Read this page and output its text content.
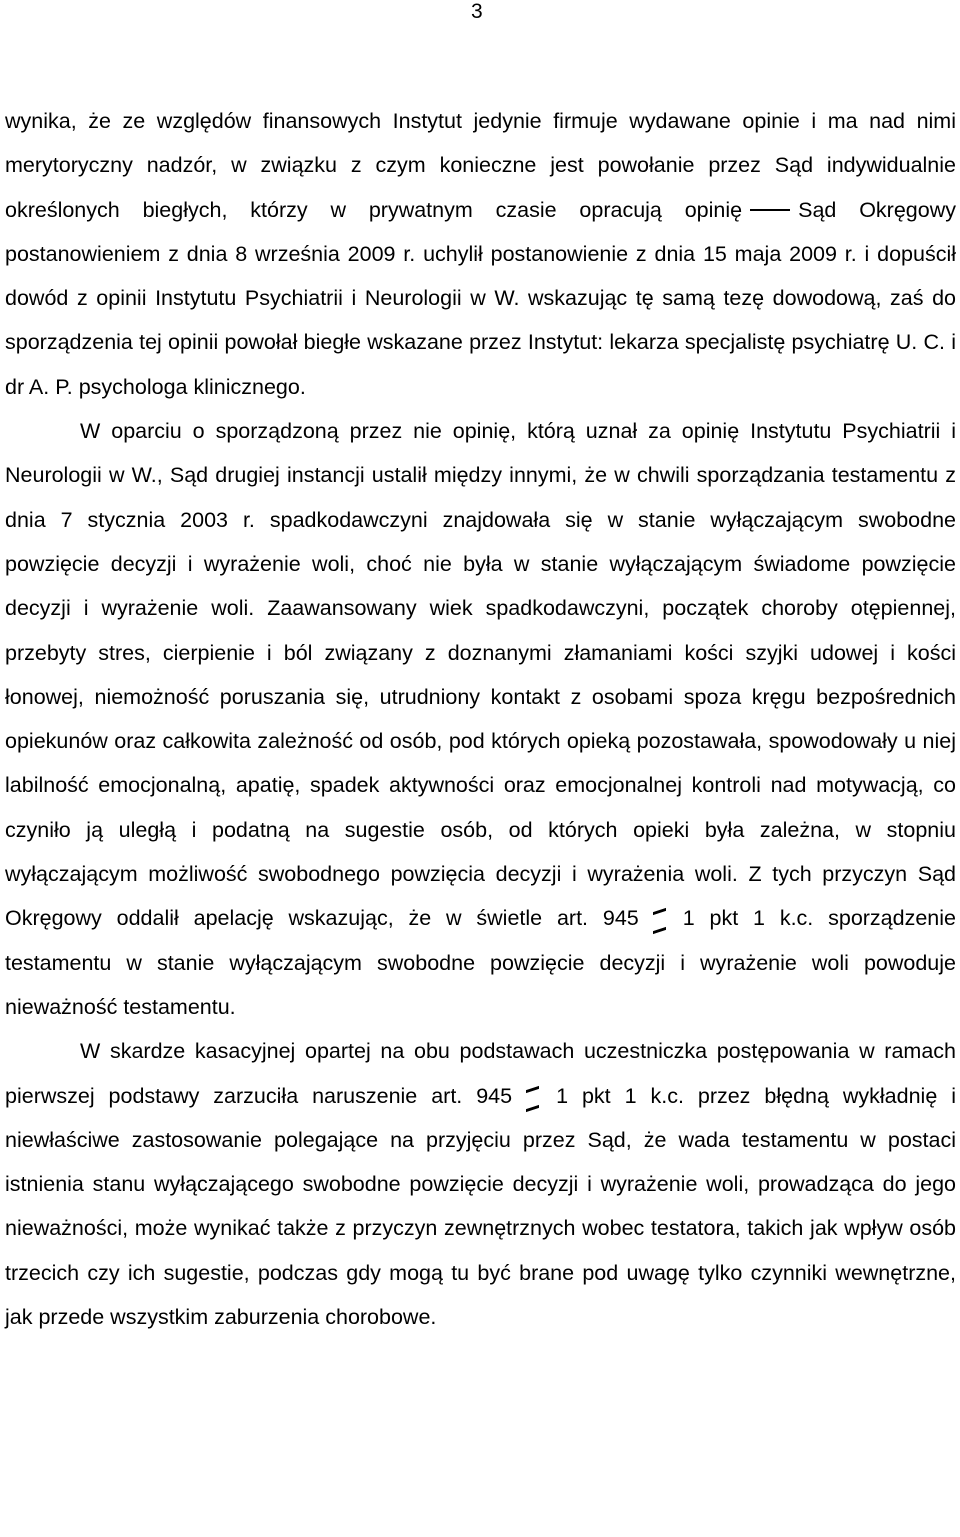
3

wynika, że ze względów finansowych Instytut jedynie firmuje wydawane opinie i ma nad nimi merytoryczny nadzór, w związku z czym konieczne jest powołanie przez Sąd indywidualnie określonych biegłych, którzy w prywatnym czasie opracują opinię	Sąd Okręgowy postanowieniem z dnia 8 września 2009 r. uchylił postanowienie z dnia 15 maja 2009 r. i dopuścił dowód z opinii Instytutu Psychiatrii i Neurologii w W. wskazując tę samą tezę dowodową, zaś do sporządzenia tej opinii powołał biegłe wskazane przez Instytut: lekarza specjalistę psychiatrę U. C. i dr A. P. psychologa klinicznego.

W oparciu o sporządzoną przez nie opinię, którą uznał za opinię Instytutu Psychiatrii i Neurologii w W., Sąd drugiej instancji ustalił między innymi, że w chwili sporządzania testamentu z dnia 7 stycznia 2003 r. spadkodawczyni znajdowała się w stanie wyłączającym swobodne powzięcie decyzji i wyrażenie woli, choć nie była w stanie wyłączającym świadome powzięcie decyzji i wyrażenie woli. Zaawansowany wiek spadkodawczyni, początek choroby otępiennej, przebyty stres, cierpienie i ból związany z doznanymi złamaniami kości szyjki udowej i kości łonowej, niemożność poruszania się, utrudniony kontakt z osobami spoza kręgu bezpośrednich opiekunów oraz całkowita zależność od osób, pod których opieką pozostawała, spowodowały u niej labilność emocjonalną, apatię, spadek aktywności oraz emocjonalnej kontroli nad motywacją, co czyniło ją uległą i podatną na sugestie osób, od których opieki była zależna, w stopniu wyłączającym możliwość swobodnego powzięcia decyzji i wyrażenia woli. Z tych przyczyn Sąd Okręgowy oddalił apelację wskazując, że w świetle art. 945 1 pkt 1 k.c. sporządzenie testamentu w stanie wyłączającym swobodne powzięcie decyzji i wyrażenie woli powoduje nieważność testamentu.

W skardze kasacyjnej opartej na obu podstawach uczestniczka postępowania w ramach pierwszej podstawy zarzuciła naruszenie art. 945 1 pkt 1 k.c. przez błędną wykładnię i niewłaściwe zastosowanie polegające na przyjęciu przez Sąd, że wada testamentu w postaci istnienia stanu wyłączającego swobodne powzięcie decyzji i wyrażenie woli, prowadząca do jego nieważności, może wynikać także z przyczyn zewnętrznych wobec testatora, takich jak wpływ osób trzecich czy ich sugestie, podczas gdy mogą tu być brane pod uwagę tylko czynniki wewnętrzne, jak przede wszystkim zaburzenia chorobowe.
